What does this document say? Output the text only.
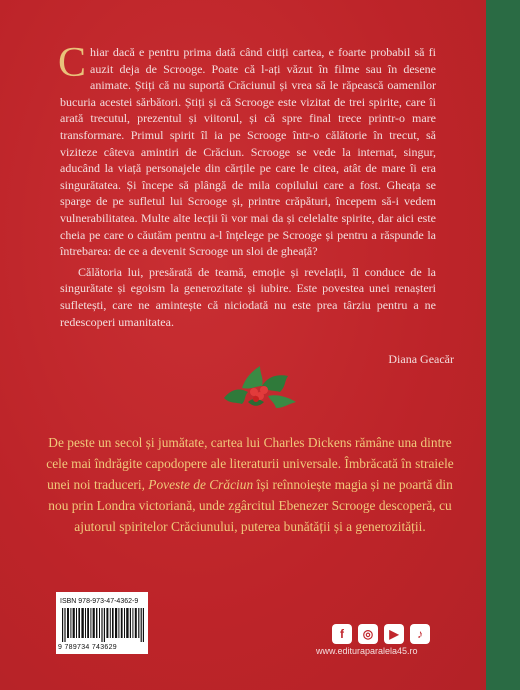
Chiar dacă e pentru prima dată când citiți cartea, e foarte probabil să fi auzit deja de Scrooge. Poate că l-ați văzut în filme sau în desene animate. Știți că nu suportă Crăciunul și vrea să le răpească oamenilor bucuria acestei sărbători. Știți și că Scrooge este vizitat de trei spirite, care îi arată trecutul, prezentul și viitorul, și că spre final trece printr-o mare transformare. Primul spirit îl ia pe Scrooge într-o călătorie în trecut, să viziteze câteva amintiri de Crăciun. Scrooge se vede la internat, singur, aducând la viață personajele din cărțile pe care le citea, atât de mare îi era singurătatea. Și începe să plângă de mila copilului care a fost. Gheața se sparge de pe sufletul lui Scrooge și, printre crăpături, începem să-i vedem vulnerabilitatea. Multe alte lecții îi vor mai da și celelalte spirite, dar aici este cheia pe care o căutăm pentru a-l înțelege pe Scrooge și pentru a răspunde la întrebarea: de ce a devenit Scrooge un sloi de gheață?

Călătoria lui, presărată de teamă, emoție și revelații, îl conduce de la singurătate și egoism la generozitate și iubire. Este povestea unei renașteri sufletești, care ne amintește că niciodată nu este prea târziu pentru a ne redescoperi umanitatea.

Diana Geacăr
De peste un secol și jumătate, cartea lui Charles Dickens rămâne una dintre cele mai îndrăgite capodopere ale literaturii universale. Îmbrăcată în straiele unei noi traduceri, Poveste de Crăciun își reînnoiește magia și ne poartă din nou prin Londra victoriană, unde zgârcitul Ebenezer Scrooge descoperă, cu ajutorul spiritelor Crăciunului, puterea bunătății și a generozității.
ISBN 978-973-47-4362-9
9 789734 743629
f	◎	▶	♪
www.edituraparalela45.ro
